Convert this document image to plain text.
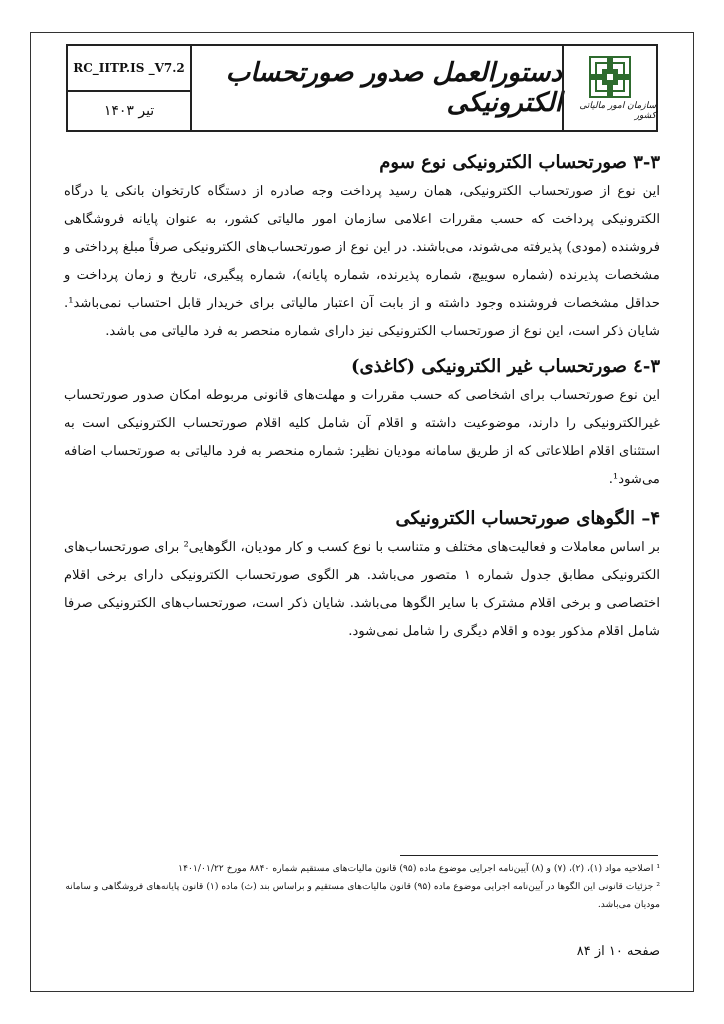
RC_IITP.IS _V7.2
تیر ۱۴۰۳
دستورالعمل صدور صورتحساب الکترونیکی	سازمان امور مالیاتی کشور
۳-۳ صورتحساب الکترونیکی نوع سوم

این نوع از صورتحساب الکترونیکی، همان رسید پرداخت وجه صادره از دستگاه کارتخوان بانکی یا درگاه الکترونیکی پرداخت که حسب مقررات اعلامی سازمان امور مالیاتی کشور، به عنوان پایانه فروشگاهی فروشنده (مودی) پذیرفته می‌شوند، می‌باشند. در این نوع از صورتحساب‌های الکترونیکی صرفاً مبلغ پرداختی و مشخصات پذیرنده (شماره سوییچ، شماره پذیرنده، شماره پایانه)، شماره پیگیری، تاریخ و زمان پرداخت و حداقل مشخصات فروشنده وجود داشته و از بابت آن اعتبار مالیاتی برای خریدار قابل احتساب نمی‌باشد¹. شایان ذکر است، این نوع از صورتحساب الکترونیکی نیز دارای شماره منحصر به فرد مالیاتی می باشد.

۳-٤ صورتحساب غیر الکترونیکی (کاغذی)

این نوع صورتحساب برای اشخاصی که حسب مقررات و مهلت‌های قانونی مربوطه امکان صدور صورتحساب غیرالکترونیکی را دارند، موضوعیت داشته و اقلام آن شامل کلیه اقلام صورتحساب الکترونیکی است به استثنای اقلام اطلاعاتی که از طریق سامانه مودیان نظیر: شماره منحصر به فرد مالیاتی به صورتحساب اضافه می‌شود¹.

۴– الگوهای صورتحساب الکترونیکی

بر اساس معاملات و فعالیت‌های مختلف و متناسب با نوع کسب و کار مودیان، الگوهایی² برای صورتحساب‌های الکترونیکی مطابق جدول شماره ۱ متصور می‌باشد. هر الگوی صورتحساب الکترونیکی دارای برخی اقلام اختصاصی و برخی اقلام مشترک با سایر الگوها می‌باشد. شایان ذکر است، صورتحساب‌های الکترونیکی صرفا شامل اقلام مذکور بوده و اقلام دیگری را شامل نمی‌شود.

¹ اصلاحیه مواد (۱)، (۲)، (۷) و (۸) آیین‌نامه اجرایی موضوع ماده (۹۵) قانون مالیات‌های مستقیم شماره ۸۸۴۰ مورخ ۱۴۰۱/۰۱/۲۲
² جزئیات قانونی این الگوها در آیین‌نامه اجرایی موضوع ماده (۹۵) قانون مالیات‌های مستقیم و براساس بند (ث) ماده (۱) قانون پایانه‌های فروشگاهی و سامانه مودیان می‌باشد.
صفحه ۱۰ از ۸۴
